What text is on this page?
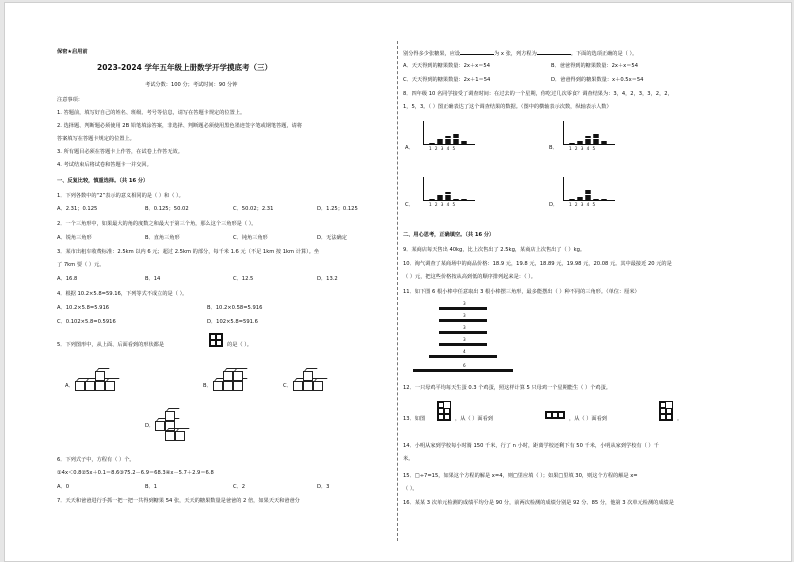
保密★启用前
2023-2024 学年五年级上册数学开学摸底考（三）
考试分数：100 分；考试时间：90 分钟
注意事项：
1. 答题前，填写好自己的姓名、班级、考号等信息，请写在答题卡规定的位置上。
2. 选择题、判断题必须使用 2B 铅笔填涂答案，非选择、判断题必须使用黑色墨迹签字笔或钢笔答题，请将
答案填写在答题卡规定的位置上。
3. 所有题目必须在答题卡上作答，在试卷上作答无效。
4. 考试结束后将试卷和答题卡一并交回。
一、反复比较，慎重选择。（共 16 分）
1．下列各数中的“2”表示的意义相同的是（ ）和（ ）。
A．2.31；0.125	B．0.125；50.02	C．50.02；2.31	D．1.25；0.125
2．一个三角形中，如果最大的角的度数之和最大于第三个角，那么这个三角形是（ ）。
A．锐角三角形	B．直角三角形	C．钝角三角形	D．无法确定
3．某市出租车收费标准：2.5km 以内 6 元；超过 2.5km 的部分，每千米 1.6 元（不足 1km 按 1km 计算）。坐
了 7km 要（ ）元。
A．16.8	B．14	C．12.5	D．13.2
4．根据 10.2×5.8=59.16，下列等式不成立的是（ ）。
A．10.2×5.8=5.916	B．10.2×0.58=5.916
C．0.102×5.8=0.5916	D．102×5.8=591.6
5．下列图形中，从上面、后面看到的形状都是	的是（ ）。
A．	B．	C．
D．
6．下列式子中，方程有（ ）个。
①4x＜0.8②5x＋0.1＝8.6③75.2－6.9＝68.3④x－5.7＋2.9＝6.8
A．0	B．1	C．2	D．3
7．天天和爸爸进行手抓一把一把一共得到糖果 54 张，天天的糖果数量是爸爸的 2 倍，如果天天和爸爸分
别分得多少张糖果，应设	为 x 张，列方程为	。下面的选项正确的是（ ）。
A．天天得到的糖果数量：2x＋x＝54	B．爸爸得到的糖果数量：2x＋x＝54
C．天天得到的糖果数量：2x＋1＝54	D．爸爸得到的糖果数量：x＋0.5x＝54
8．四年级 10 名同学接受了调查时间：在过去的一个星期，你吃过几次零食？调查结果为：3，4，2，3，3，2，2，
1，5，3。（ ）图正确表达了这个调查结果的数据。（图中的横轴表示次数，纵轴表示人数）
A．	12345	B．	12345
C．	12345	D．	12345
二、用心思考，正确填空。（共 16 分）
9．某商店每天售出 40kg，比上次售出了 2.5kg，某商店上次售出了（ ）kg。
10．淘气调查了某商场中的商品价格：18.9 元，19.8 元，18.89 元，19.98 元，20.08 元。其中最接近 20 元的是
（ ）元，把这些价格按从高到低的顺序排列起来是：（ ）。
11．如下图 6 根小棒中任意取出 3 根小棒摆三角形，最多能摆出（ ）种不同的三角形。（单位：厘米）
3
3
3
3
4
6
12．一只母鸡平均每天生蛋 0.3 个鸡蛋，照这样计算 5 只母鸡一个星期能生（ ）个鸡蛋。
13．如图	，从（ ）面看到	，从（ ）面看到	。
14．小明从家到学校每小时骑 150 千米，行了 n 小时，距离学校还剩下有 50 千米，小明从家到学校有（ ）千
米。
15．□÷7=15，如果这个方程的解是 x=4，则□里应填（ ）；如果□里填 30，则这个方程的解是 x=
（ ）。
16．某某 3 次单元检测的成绩平均分是 90 分，前两次检测的成绩分别是 92 分、85 分，他第 3 次单元检测的成绩是
